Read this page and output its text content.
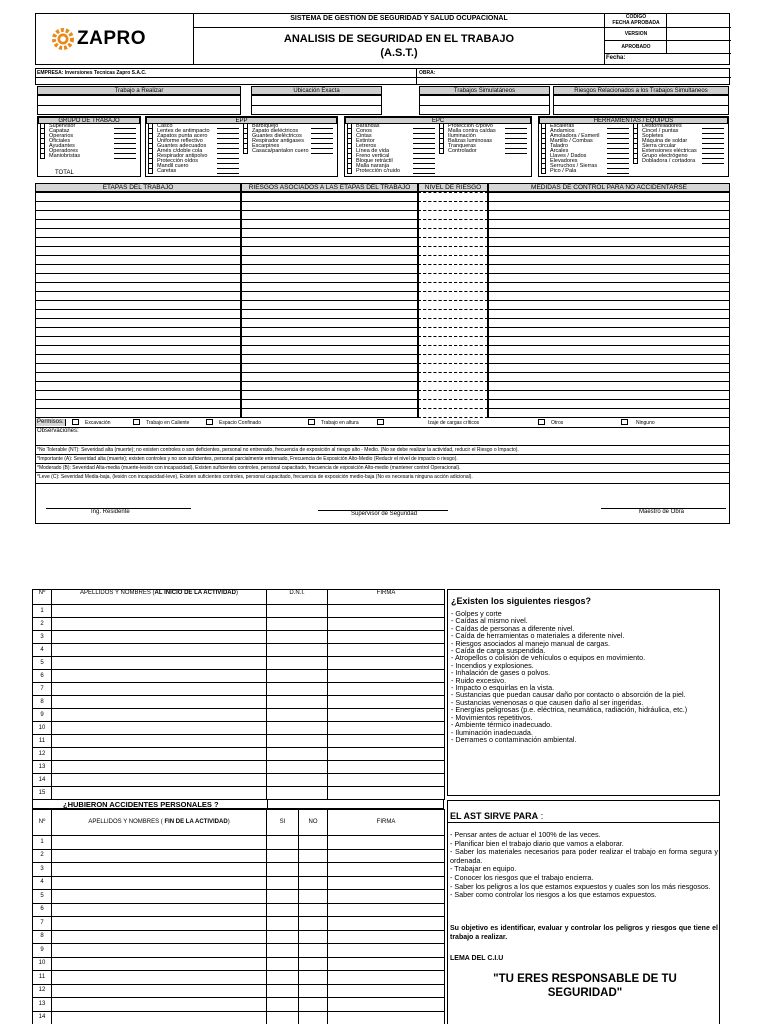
ZAPRO
SISTEMA DE GESTIÓN DE SEGURIDAD Y SALUD OCUPACIONAL
ANALISIS DE SEGURIDAD EN EL TRABAJO
(A.S.T.)
CODIGO
FECHA APROBADA
VERSION
APROBADO
Fecha:
EMPRESA: Inversiones Tecnicas Zapro S.A.C.	OBRA:
Trabajo a Realizar	Ubicación Exacta	Trabajos Simulatáneos	Riesgos Relacionados a los Trabajos Simultaneos
GRUPO DE TRABAJO
Supervisor
Capataz
Operarios
Oficiales
Ayudantes
Operadores
Maniobristas
TOTAL
EPP
Casco
Lentes de antimpacto
Zapatos punta acero
Uniforme reflectivo
Guantes adecuados
Arnés c/doble cola
Respirador antipolvo
Protección oídos
Mandil cuero
Caretas
Barbiquejo
Zapato dieléctricos
Guantes dieléctricos
Respirador antigases
Escarpines
Casaca/pantalon cuero
EPC
Barandas
Conos
Cintas
Extintor
Letreros
Línea de vida
Freno vertical
Bloque retráctil
Malla naranja
Protección c/ruido
Protección c/polvo
Malla contra caídas
Iluminación
Balizas luminosas
Tranqueras
Controlador
HERRAMIENTAS / EQUIPOS
Escaleras
Andamios
Amoladora / Esmeril
Martillo / Combas
Taladro
Arcales
Llaves / Dados
Elevadores
Serruchos / Sierras
Pico / Pala
Destornilladores
Cincel / puntas
Sopletes
Máquina de soldar
Sierra circular
Extensiones eléctricas
Grupo electrógeno
Dobladora / cortadora
ETAPAS DEL TRABAJO	RIESGOS ASOCIADOS A LAS ETAPAS DEL TRABAJO	NIVEL DE RIESGO	MEDIDAS DE CONTROL PARA NO ACCIDENTARSE
Permisos:	Excavación	Trabajo en Caliente	Espacio Confinado	Trabajo en altura	Izaje de cargas críticos	Otros	Ninguno
Observaciones:
*No Tolerable (NT): Severidad alta (muerte); no existen controles o son deficientes, personal no entrenado, frecuencia de exposición al riesgo alto - Medio. (No se debe realizar la actividad, reducir el Riesgo o Impacto).
*Importante (A): Severidad alta (muerte); existen controles y no son suficientes, personal parcialmente entrenado, Frecuencia de Exposición Alto-Medio (Reducir el nivel de impacto o riesgo).
*Moderado (B): Severidad Alta-media (muerte-lesión con incapacidad), Existen suficientes controles, personal capacitado, frecuencia de exposición Alto-medio (mantener control Operacional).
*Leve (C): Severidad Media-baja, (lesión con incapacidad-leve), Existen suficientes controles, personal capacitado, frecuencia de exposición medio-baja (No es necesaria ninguna acción adicional).
Ing. Residente	Supervisor de Seguridad	Maestro de Obra
Nº	APELLIDOS Y NOMBRES (AL INICIO DE LA ACTIVIDAD)	D.N.I.	FIRMA
1			
2			
3			
4			
5			
6			
7			
8			
9			
10			
11			
12			
13			
14			
15			
¿HUBIERON ACCIDENTES PERSONALES ?
Nº	APELLIDOS Y NOMBRES ( FIN DE LA ACTIVIDAD)	SI	NO	FIRMA
1				
2				
3				
4				
5				
6				
7				
8				
9				
10				
11				
12				
13				
14				
¿Existen los siguientes riesgos?
- Golpes y corte
- Caídas al mismo nivel.
- Caídas de personas a diferente nivel.
- Caída de herramientas o materiales a diferente nivel.
- Riesgos asociados al manejo manual de cargas.
- Caída de carga suspendida.
- Atropellos o colisión de vehículos o equipos en movimiento.
- Incendios y explosiones.
- Inhalación de gases o polvos.
- Ruido excesivo.
- Impacto o esquirlas en la vista.
- Sustancias que puedan causar daño por contacto o absorción de la piel.
- Sustancias venenosas o que causen daño al ser ingeridas.
- Energías peligrosas (p.e. eléctrica, neumática, radiación, hidráulica, etc.)
- Movimientos repetitivos.
- Ambiente térmico inadecuado.
- Iluminación inadecuada.
- Derrames o contaminación ambiental.
EL AST SIRVE PARA :
- Pensar antes de actuar el 100% de las veces.
- Planificar bien el trabajo diario que vamos a elaborar.
- Saber los materiales necesarios para poder realizar el trabajo en forma segura y ordenada.
- Trabajar en equipo.
- Conocer los riesgos que el trabajo encierra.
- Saber los peligros a los que estamos expuestos y cuales son los más riesgosos.
- Saber como controlar los riesgos a los que estamos expuestos.
Su objetivo es identificar, evaluar y controlar los peligros y riesgos que tiene el trabajo a realizar.
LEMA DEL C.I.U
"TU ERES RESPONSABLE DE TU SEGURIDAD"
